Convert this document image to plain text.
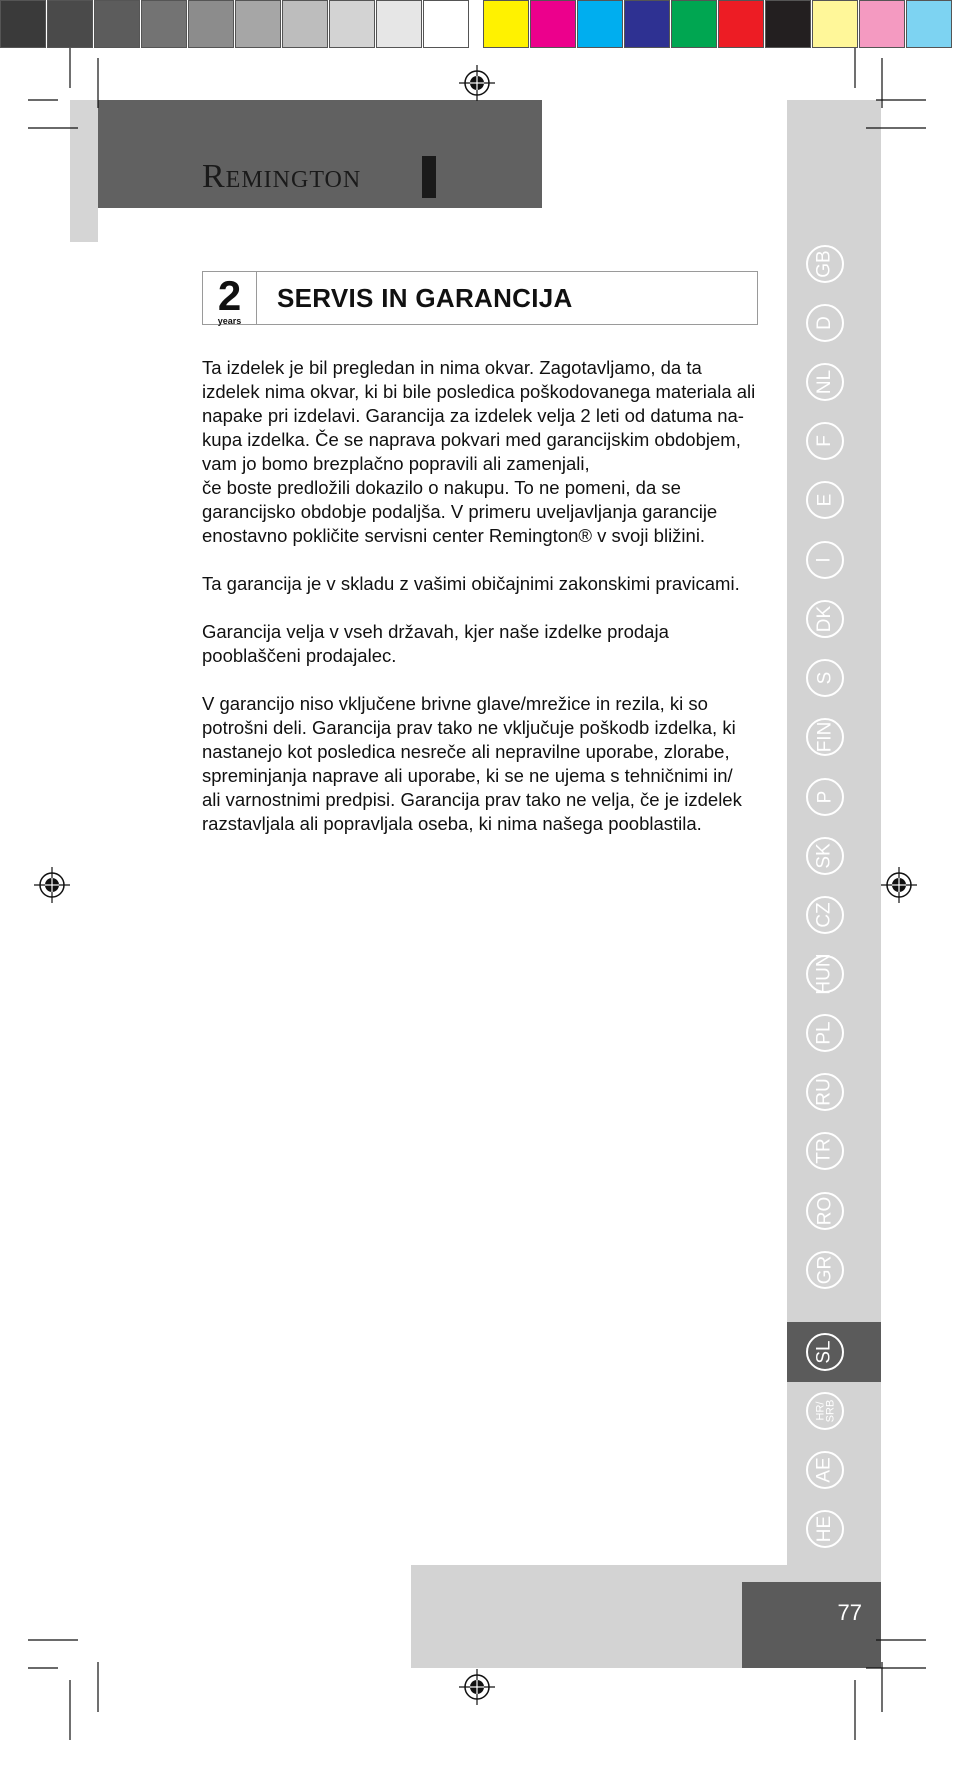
Remington
2
years
SERVIS IN GARANCIJA

Ta izdelek je bil pregledan in nima okvar. Zagotavljamo, da ta
izdelek nima okvar, ki bi bile posledica poškodovanega materiala ali
napake pri izdelavi. Garancija za izdelek velja 2 leti od datuma na-
kupa izdelka. Če se naprava pokvari med garancijskim obdobjem,
vam jo bomo brezplačno popravili ali zamenjali,
če boste predložili dokazilo o nakupu. To ne pomeni, da se
garancijsko obdobje podaljša. V primeru uveljavljanja garancije
enostavno pokličite servisni center Remington® v svoji bližini.

Ta garancija je v skladu z vašimi običajnimi zakonskimi pravicami.

Garancija velja v vseh državah, kjer naše izdelke prodaja
pooblaščeni prodajalec.

V garancijo niso vključene brivne glave/mrežice in rezila, ki so
potrošni deli. Garancija prav tako ne vključuje poškodb izdelka, ki
nastanejo kot posledica nesreče ali nepravilne uporabe, zlorabe,
spreminjanja naprave ali uporabe, ki se ne ujema s tehničnimi in/
ali varnostnimi predpisi. Garancija prav tako ne velja, če je izdelek
razstavljala ali popravljala oseba, ki nima našega pooblastila.

GB
D
NL
F
E
I
DK
S
FIN
P
SK
CZ
HUN
PL
RU
TR
RO
GR
SL
HR/
SRB
AE
HE
77
